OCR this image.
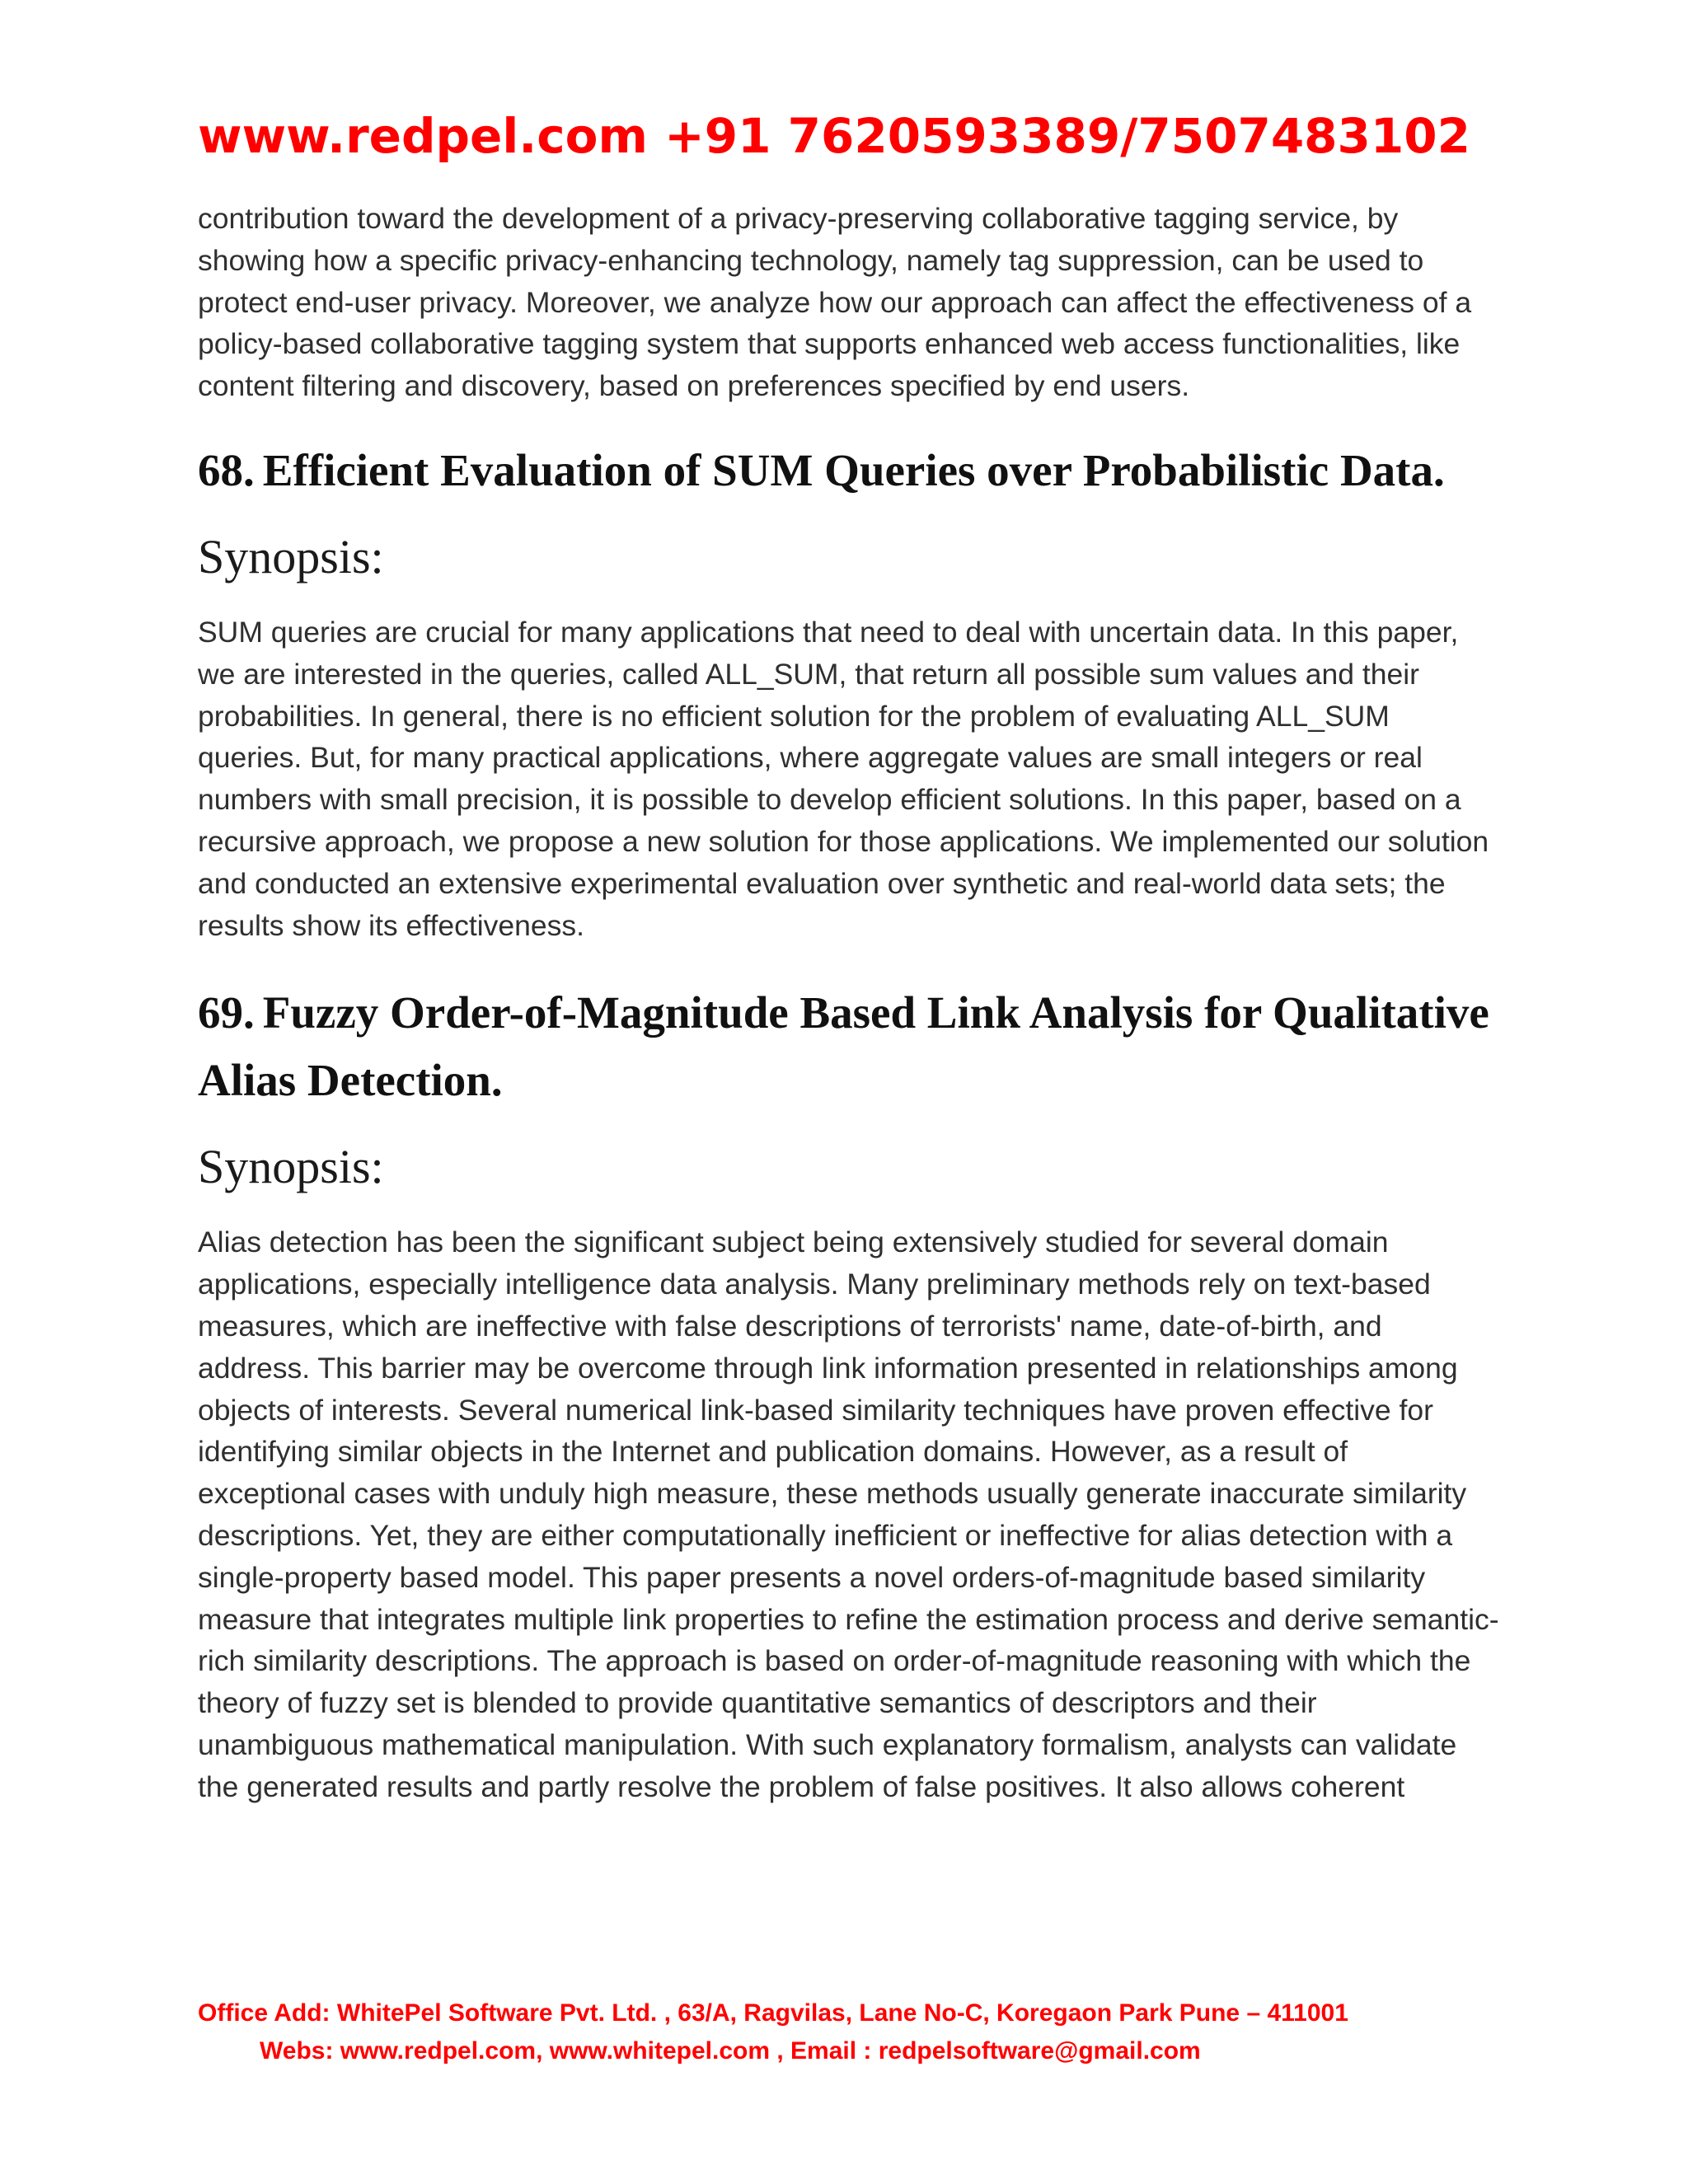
www.redpel.com +91 7620593389/7507483102

contribution toward the development of a privacy-preserving collaborative tagging service, by showing how a specific privacy-enhancing technology, namely tag suppression, can be used to protect end-user privacy. Moreover, we analyze how our approach can affect the effectiveness of a policy-based collaborative tagging system that supports enhanced web access functionalities, like content filtering and discovery, based on preferences specified by end users.

68. Efficient Evaluation of SUM Queries over Probabilistic Data.
Synopsis:

SUM queries are crucial for many applications that need to deal with uncertain data. In this paper, we are interested in the queries, called ALL_SUM, that return all possible sum values and their probabilities. In general, there is no efficient solution for the problem of evaluating ALL_SUM queries. But, for many practical applications, where aggregate values are small integers or real numbers with small precision, it is possible to develop efficient solutions. In this paper, based on a recursive approach, we propose a new solution for those applications. We implemented our solution and conducted an extensive experimental evaluation over synthetic and real-world data sets; the results show its effectiveness.

69. Fuzzy Order-of-Magnitude Based Link Analysis for Qualitative Alias Detection.
Synopsis:

Alias detection has been the significant subject being extensively studied for several domain applications, especially intelligence data analysis. Many preliminary methods rely on text-based measures, which are ineffective with false descriptions of terrorists' name, date-of-birth, and address. This barrier may be overcome through link information presented in relationships among objects of interests. Several numerical link-based similarity techniques have proven effective for identifying similar objects in the Internet and publication domains. However, as a result of exceptional cases with unduly high measure, these methods usually generate inaccurate similarity descriptions. Yet, they are either computationally inefficient or ineffective for alias detection with a single-property based model. This paper presents a novel orders-of-magnitude based similarity measure that integrates multiple link properties to refine the estimation process and derive semantic-rich similarity descriptions. The approach is based on order-of-magnitude reasoning with which the theory of fuzzy set is blended to provide quantitative semantics of descriptors and their unambiguous mathematical manipulation. With such explanatory formalism, analysts can validate the generated results and partly resolve the problem of false positives. It also allows coherent

Office Add: WhitePel Software Pvt. Ltd. , 63/A, Ragvilas, Lane No-C, Koregaon Park Pune – 411001
Webs: www.redpel.com, www.whitepel.com , Email : redpelsoftware@gmail.com
